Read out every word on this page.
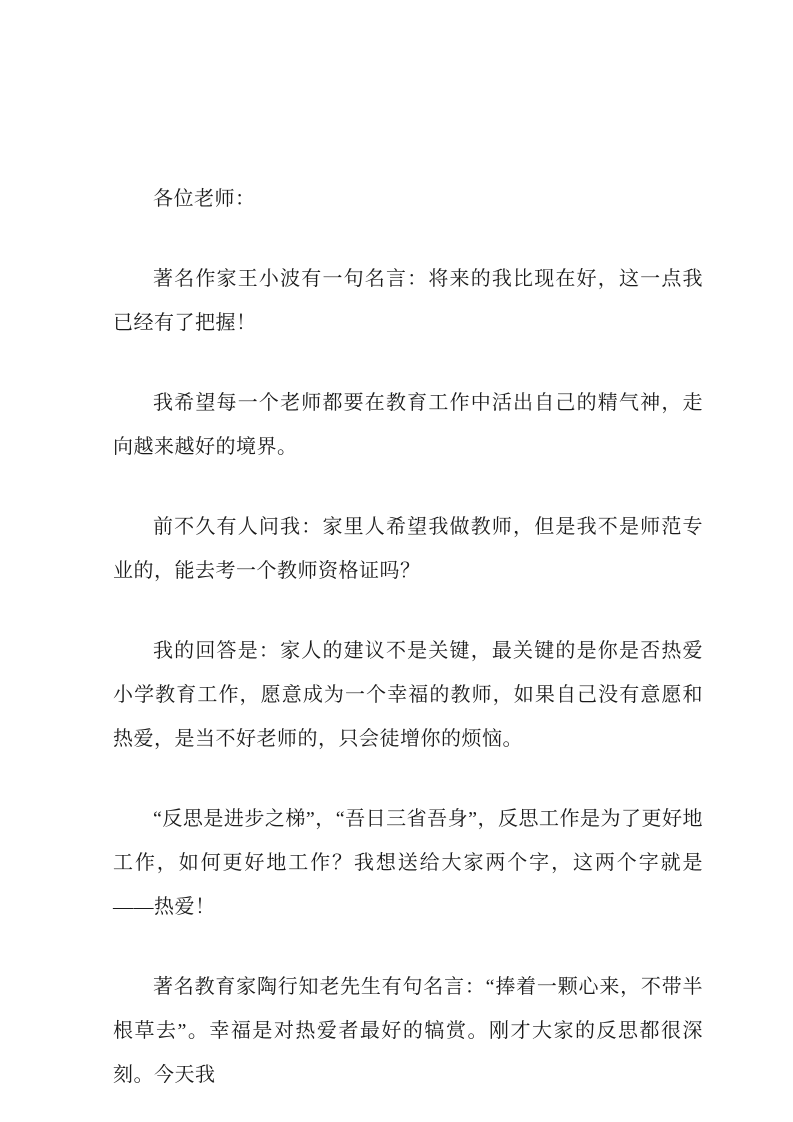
各位老师：

著名作家王小波有一句名言：将来的我比现在好，这一点我已经有了把握！

我希望每一个老师都要在教育工作中活出自己的精气神，走向越来越好的境界。

前不久有人问我：家里人希望我做教师，但是我不是师范专业的，能去考一个教师资格证吗？

我的回答是：家人的建议不是关键，最关键的是你是否热爱小学教育工作，愿意成为一个幸福的教师，如果自己没有意愿和热爱，是当不好老师的，只会徒增你的烦恼。

“反思是进步之梯”，“吾日三省吾身”，反思工作是为了更好地工作，如何更好地工作？我想送给大家两个字，这两个字就是——热爱！

著名教育家陶行知老先生有句名言：“捧着一颗心来，不带半根草去”。幸福是对热爱者最好的犒赏。刚才大家的反思都很深刻。今天我
